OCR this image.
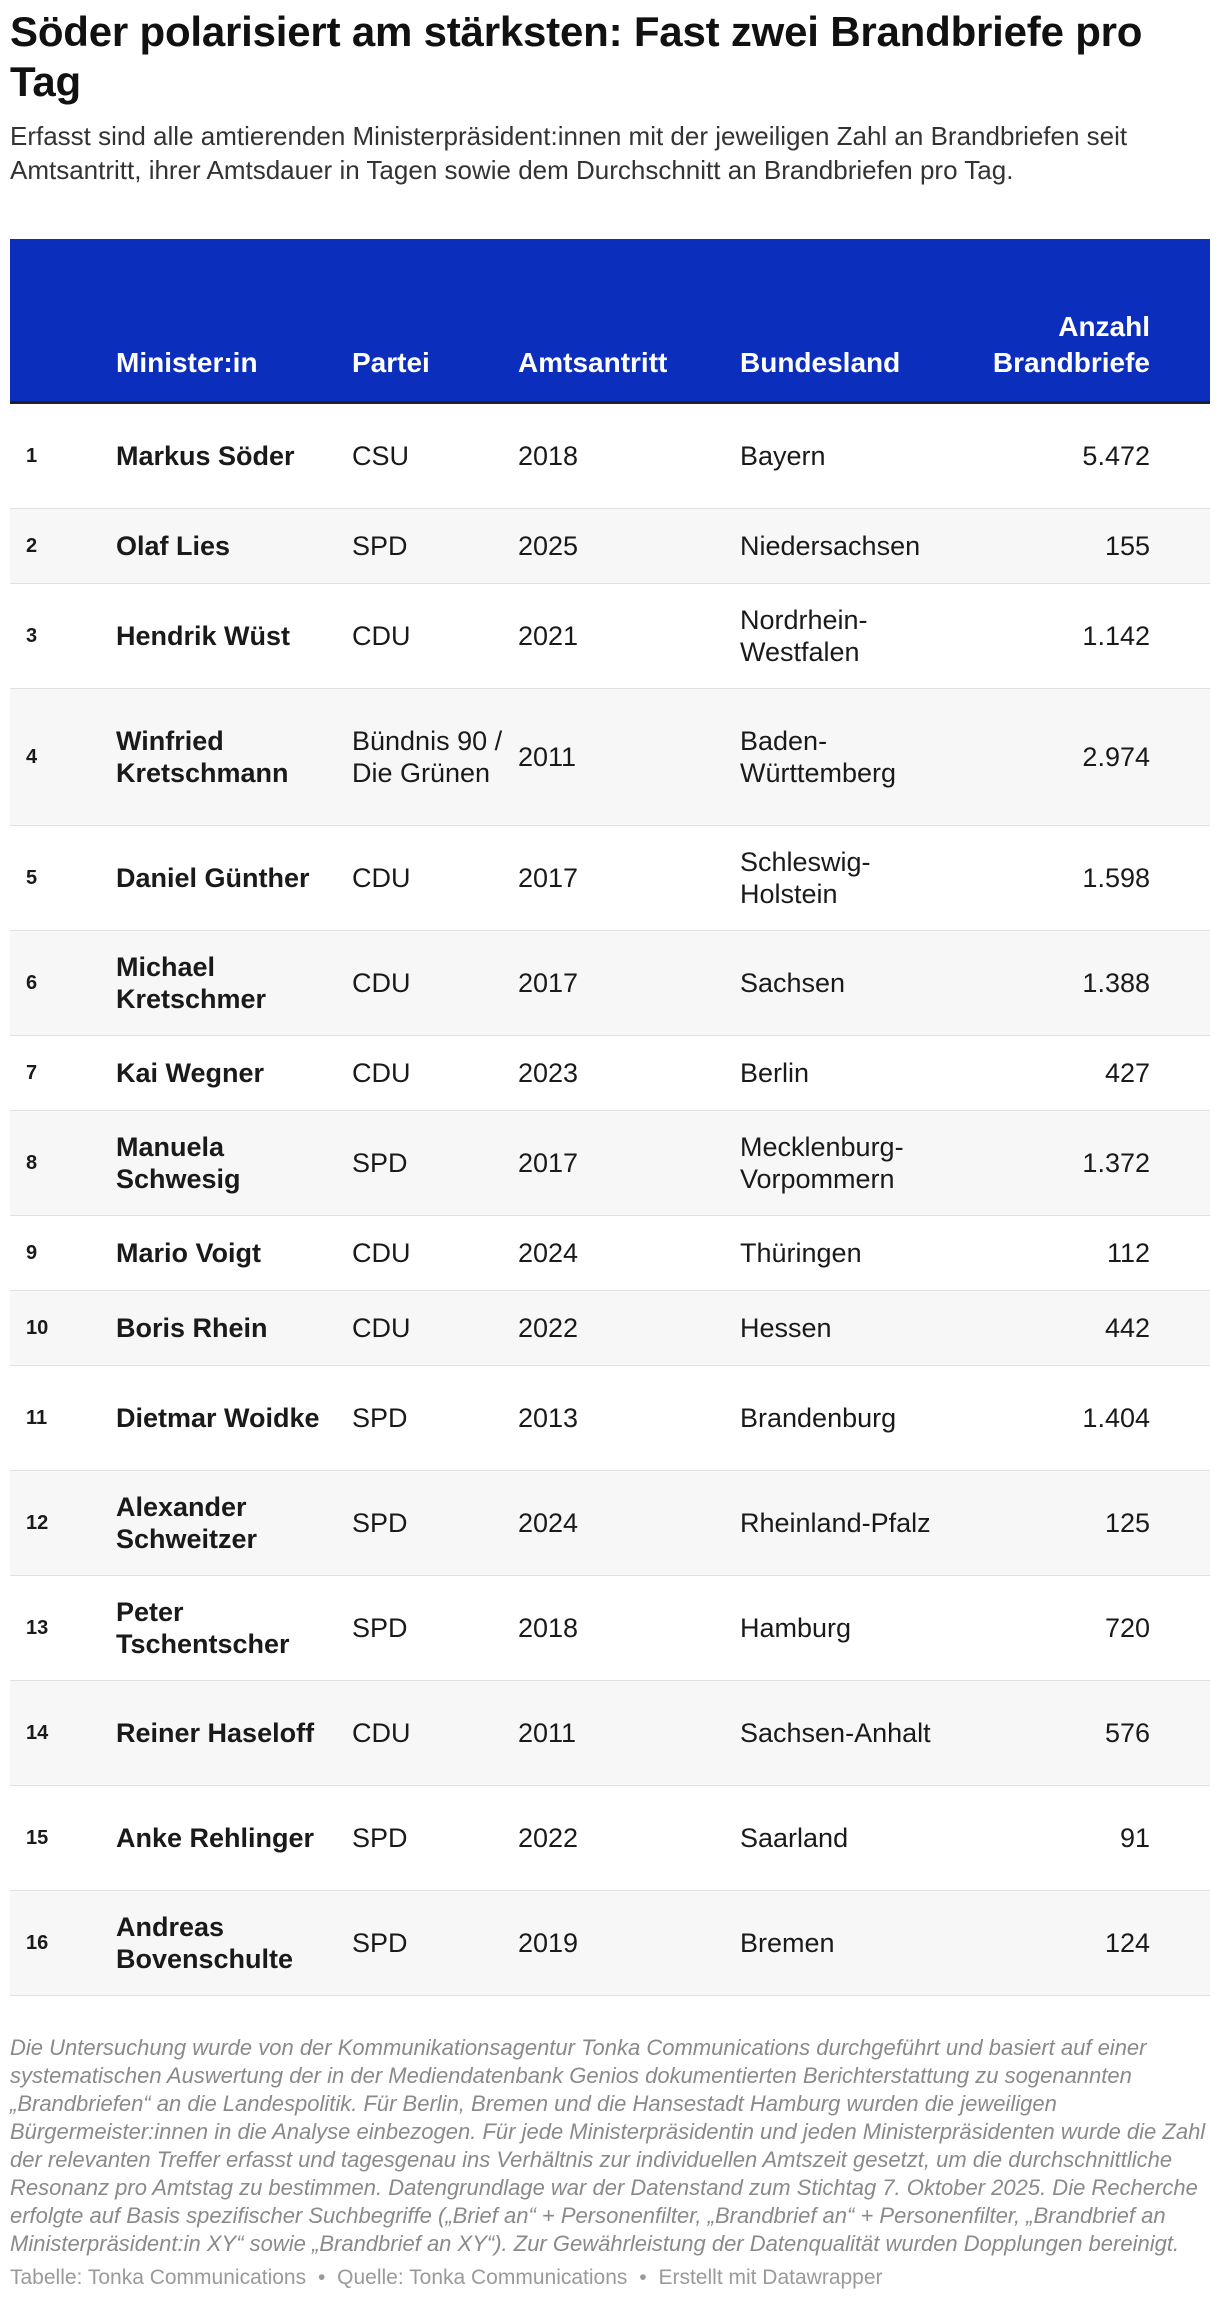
Söder polarisiert am stärksten: Fast zwei Brandbriefe pro Tag

Erfasst sind alle amtierenden Ministerpräsident:innen mit der jeweiligen Zahl an Brandbriefen seit Amtsantritt, ihrer Amtsdauer in Tagen sowie dem Durchschnitt an Brandbriefen pro Tag.

	Minister:in	Partei	Amtsantritt	Bundesland	Anzahl Brandbriefe
1	Markus Söder	CSU	2018	Bayern	5.472
2	Olaf Lies	SPD	2025	Niedersachsen	155
3	Hendrik Wüst	CDU	2021	Nordrhein-Westfalen	1.142
4	Winfried Kretschmann	Bündnis 90 / Die Grünen	2011	Baden-Württemberg	2.974
5	Daniel Günther	CDU	2017	Schleswig-Holstein	1.598
6	Michael Kretschmer	CDU	2017	Sachsen	1.388
7	Kai Wegner	CDU	2023	Berlin	427
8	Manuela Schwesig	SPD	2017	Mecklenburg-Vorpommern	1.372
9	Mario Voigt	CDU	2024	Thüringen	112
10	Boris Rhein	CDU	2022	Hessen	442
11	Dietmar Woidke	SPD	2013	Brandenburg	1.404
12	Alexander Schweitzer	SPD	2024	Rheinland-Pfalz	125
13	Peter Tschentscher	SPD	2018	Hamburg	720
14	Reiner Haseloff	CDU	2011	Sachsen-Anhalt	576
15	Anke Rehlinger	SPD	2022	Saarland	91
16	Andreas Bovenschulte	SPD	2019	Bremen	124
Die Untersuchung wurde von der Kommunikationsagentur Tonka Communications durchgeführt und basiert auf einer systematischen Auswertung der in der Mediendatenbank Genios dokumentierten Berichterstattung zu sogenannten „Brandbriefen“ an die Landespolitik. Für Berlin, Bremen und die Hansestadt Hamburg wurden die jeweiligen Bürgermeister:innen in die Analyse einbezogen. Für jede Ministerpräsidentin und jeden Ministerpräsidenten wurde die Zahl der relevanten Treffer erfasst und tagesgenau ins Verhältnis zur individuellen Amtszeit gesetzt, um die durchschnittliche Resonanz pro Amtstag zu bestimmen. Datengrundlage war der Datenstand zum Stichtag 7. Oktober 2025. Die Recherche erfolgte auf Basis spezifischer Suchbegriffe („Brief an“ + Personenfilter, „Brandbrief an“ + Personenfilter, „Brandbrief an Ministerpräsident:in XY“ sowie „Brandbrief an XY“). Zur Gewährleistung der Datenqualität wurden Dopplungen bereinigt.
Tabelle: Tonka Communications • Quelle: Tonka Communications • Erstellt mit Datawrapper
